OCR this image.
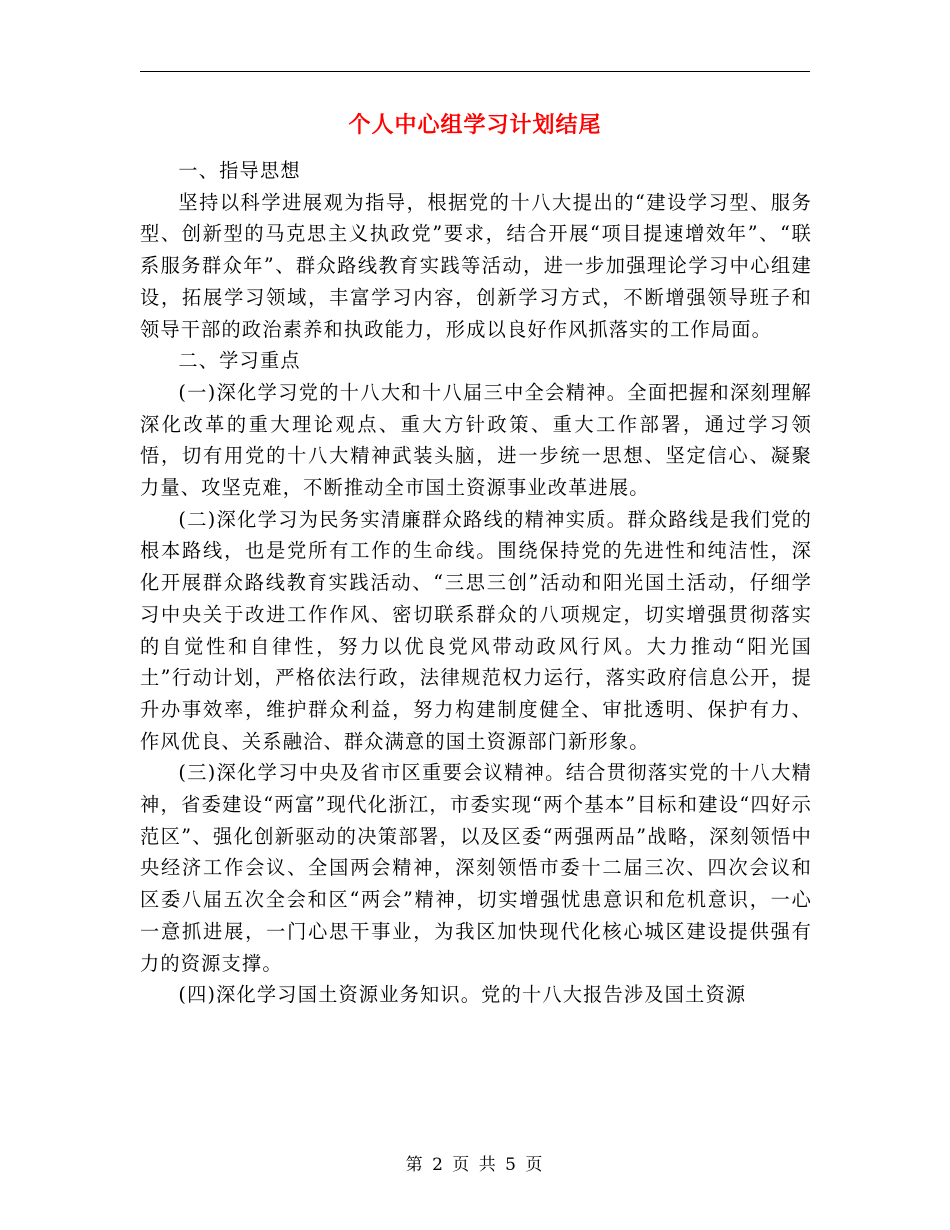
个人中心组学习计划结尾

一、指导思想

坚持以科学进展观为指导，根据党的十八大提出的“建设学习型、服务型、创新型的马克思主义执政党”要求，结合开展“项目提速增效年”、“联系服务群众年”、群众路线教育实践等活动，进一步加强理论学习中心组建设，拓展学习领域，丰富学习内容，创新学习方式，不断增强领导班子和领导干部的政治素养和执政能力，形成以良好作风抓落实的工作局面。

二、学习重点

(一)深化学习党的十八大和十八届三中全会精神。全面把握和深刻理解深化改革的重大理论观点、重大方针政策、重大工作部署，通过学习领悟，切有用党的十八大精神武装头脑，进一步统一思想、坚定信心、凝聚力量、攻坚克难，不断推动全市国土资源事业改革进展。

(二)深化学习为民务实清廉群众路线的精神实质。群众路线是我们党的根本路线，也是党所有工作的生命线。围绕保持党的先进性和纯洁性，深化开展群众路线教育实践活动、“三思三创”活动和阳光国土活动，仔细学习中央关于改进工作作风、密切联系群众的八项规定，切实增强贯彻落实的自觉性和自律性，努力以优良党风带动政风行风。大力推动“阳光国土”行动计划，严格依法行政，法律规范权力运行，落实政府信息公开，提升办事效率，维护群众利益，努力构建制度健全、审批透明、保护有力、作风优良、关系融洽、群众满意的国土资源部门新形象。

(三)深化学习中央及省市区重要会议精神。结合贯彻落实党的十八大精神，省委建设“两富”现代化浙江，市委实现“两个基本”目标和建设“四好示范区”、强化创新驱动的决策部署，以及区委“两强两品”战略，深刻领悟中央经济工作会议、全国两会精神，深刻领悟市委十二届三次、四次会议和区委八届五次全会和区“两会”精神，切实增强忧患意识和危机意识，一心一意抓进展，一门心思干事业，为我区加快现代化核心城区建设提供强有力的资源支撑。

(四)深化学习国土资源业务知识。党的十八大报告涉及国土资源

第 2 页 共 5 页
